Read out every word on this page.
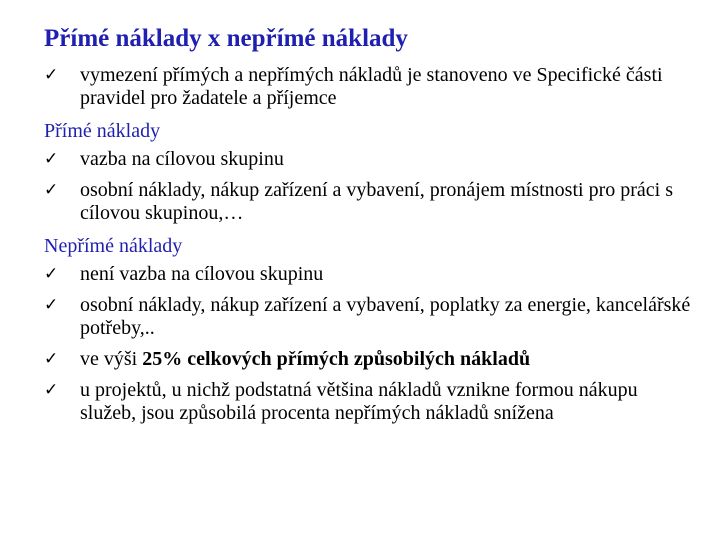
Přímé náklady x nepřímé náklady
✓	vymezení přímých a nepřímých nákladů je stanoveno ve Specifické části pravidel pro žadatele a příjemce
Přímé náklady
✓	vazba na cílovou skupinu
✓	osobní náklady, nákup zařízení a vybavení, pronájem místnosti pro práci s cílovou skupinou,…
Nepřímé náklady
✓	není vazba na cílovou skupinu
✓	osobní náklady, nákup zařízení a vybavení, poplatky za energie, kancelářské potřeby,..
✓	ve výši 25% celkových přímých způsobilých nákladů
✓	u projektů, u nichž podstatná většina nákladů vznikne formou nákupu služeb, jsou způsobilá procenta nepřímých nákladů snížena
